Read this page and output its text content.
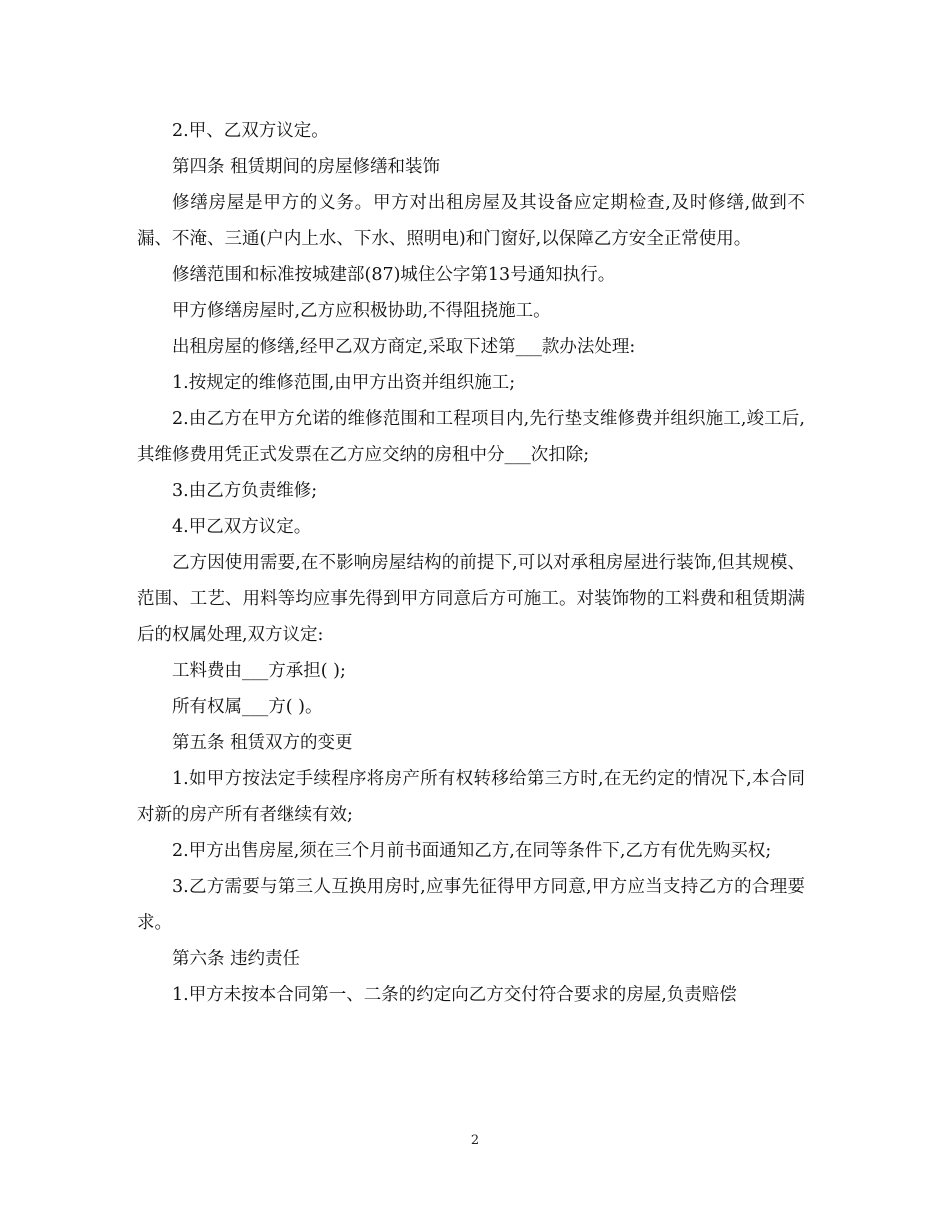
2.甲、乙双方议定。

第四条 租赁期间的房屋修缮和装饰

修缮房屋是甲方的义务。甲方对出租房屋及其设备应定期检查,及时修缮,做到不漏、不淹、三通(户内上水、下水、照明电)和门窗好,以保障乙方安全正常使用。

修缮范围和标准按城建部(87)城住公字第13号通知执行。

甲方修缮房屋时,乙方应积极协助,不得阻挠施工。

出租房屋的修缮,经甲乙双方商定,采取下述第___款办法处理:

1.按规定的维修范围,由甲方出资并组织施工;

2.由乙方在甲方允诺的维修范围和工程项目内,先行垫支维修费并组织施工,竣工后,其维修费用凭正式发票在乙方应交纳的房租中分___次扣除;

3.由乙方负责维修;

4.甲乙双方议定。

乙方因使用需要,在不影响房屋结构的前提下,可以对承租房屋进行装饰,但其规模、范围、工艺、用料等均应事先得到甲方同意后方可施工。对装饰物的工料费和租赁期满后的权属处理,双方议定:

工料费由___方承担( );

所有权属___方( )。

第五条 租赁双方的变更

1.如甲方按法定手续程序将房产所有权转移给第三方时,在无约定的情况下,本合同对新的房产所有者继续有效;

2.甲方出售房屋,须在三个月前书面通知乙方,在同等条件下,乙方有优先购买权;

3.乙方需要与第三人互换用房时,应事先征得甲方同意,甲方应当支持乙方的合理要求。

第六条 违约责任

1.甲方未按本合同第一、二条的约定向乙方交付符合要求的房屋,负责赔偿

2
